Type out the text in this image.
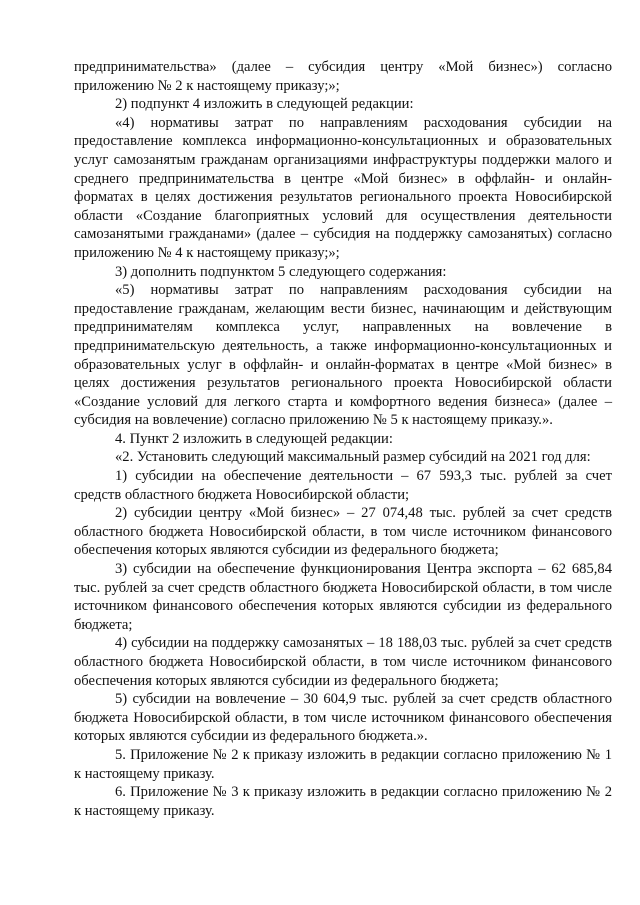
предпринимательства» (далее – субсидия центру «Мой бизнес») согласно приложению № 2 к настоящему приказу;»;

2) подпункт 4 изложить в следующей редакции:

«4) нормативы затрат по направлениям расходования субсидии на предоставление комплекса информационно-консультационных и образовательных услуг самозанятым гражданам организациями инфраструктуры поддержки малого и среднего предпринимательства в центре «Мой бизнес» в оффлайн- и онлайн-форматах в целях достижения результатов регионального проекта Новосибирской области «Создание благоприятных условий для осуществления деятельности самозанятыми гражданами» (далее – субсидия на поддержку самозанятых) согласно приложению № 4 к настоящему приказу;»;

3) дополнить подпунктом 5 следующего содержания:

«5) нормативы затрат по направлениям расходования субсидии на предоставление гражданам, желающим вести бизнес, начинающим и действующим предпринимателям комплекса услуг, направленных на вовлечение в предпринимательскую деятельность, а также информационно-консультационных и образовательных услуг в оффлайн- и онлайн-форматах в центре «Мой бизнес» в целях достижения результатов регионального проекта Новосибирской области «Создание условий для легкого старта и комфортного ведения бизнеса» (далее – субсидия на вовлечение) согласно приложению № 5 к настоящему приказу.».

4. Пункт 2 изложить в следующей редакции:

«2. Установить следующий максимальный размер субсидий на 2021 год для:

1) субсидии на обеспечение деятельности – 67 593,3 тыс. рублей за счет средств областного бюджета Новосибирской области;

2) субсидии центру «Мой бизнес» – 27 074,48 тыс. рублей за счет средств областного бюджета Новосибирской области, в том числе источником финансового обеспечения которых являются субсидии из федерального бюджета;

3) субсидии на обеспечение функционирования Центра экспорта – 62 685,84 тыс. рублей за счет средств областного бюджета Новосибирской области, в том числе источником финансового обеспечения которых являются субсидии из федерального бюджета;

4) субсидии на поддержку самозанятых – 18 188,03 тыс. рублей за счет средств областного бюджета Новосибирской области, в том числе источником финансового обеспечения которых являются субсидии из федерального бюджета;

5) субсидии на вовлечение – 30 604,9 тыс. рублей за счет средств областного бюджета Новосибирской области, в том числе источником финансового обеспечения которых являются субсидии из федерального бюджета.».

5. Приложение № 2 к приказу изложить в редакции согласно приложению № 1 к настоящему приказу.

6. Приложение № 3 к приказу изложить в редакции согласно приложению № 2 к настоящему приказу.
